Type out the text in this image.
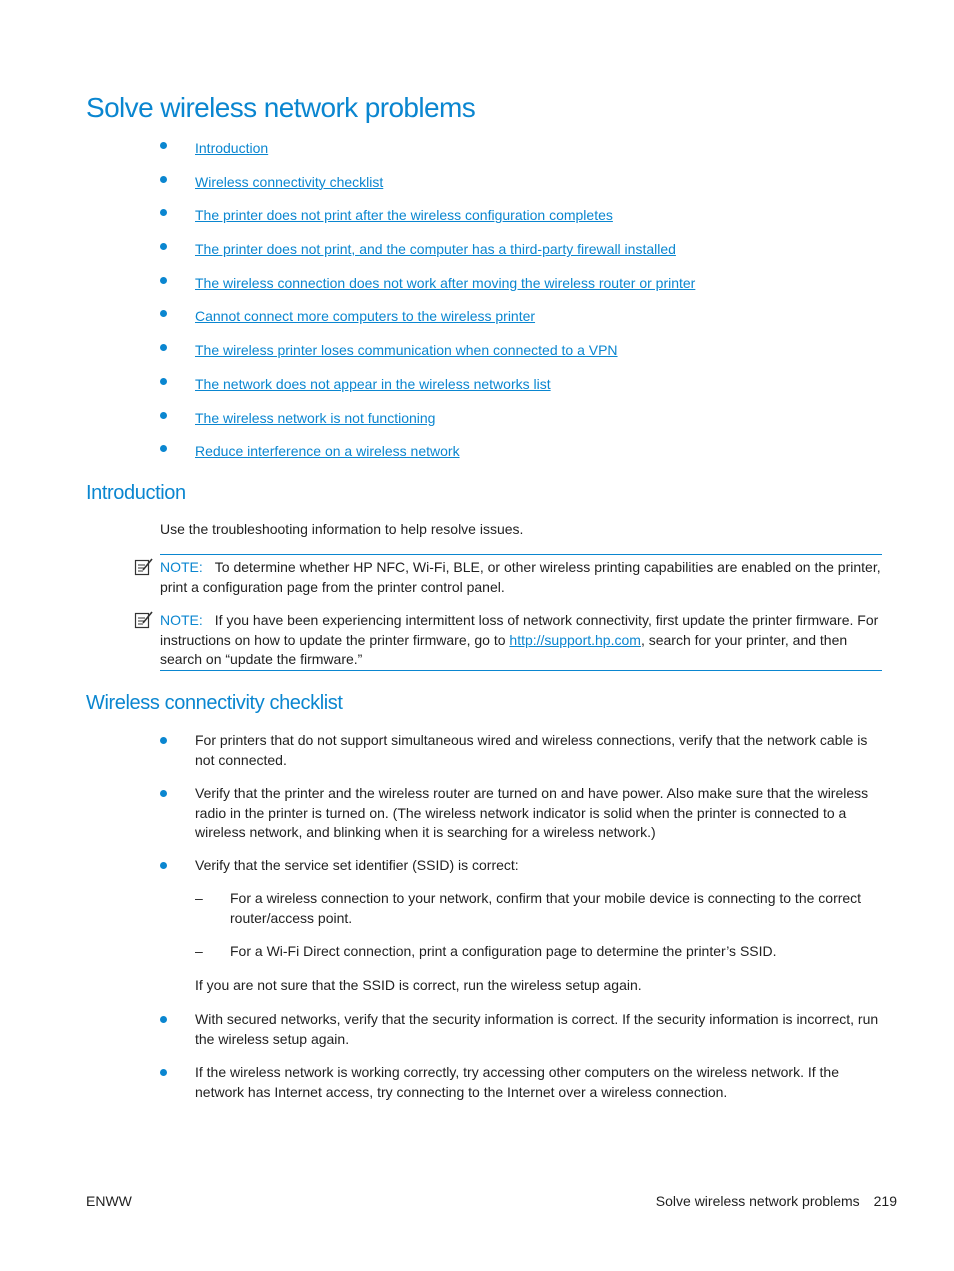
Solve wireless network problems
Introduction
Wireless connectivity checklist
The printer does not print after the wireless configuration completes
The printer does not print, and the computer has a third-party firewall installed
The wireless connection does not work after moving the wireless router or printer
Cannot connect more computers to the wireless printer
The wireless printer loses communication when connected to a VPN
The network does not appear in the wireless networks list
The wireless network is not functioning
Reduce interference on a wireless network
Introduction
Use the troubleshooting information to help resolve issues.
NOTE: To determine whether HP NFC, Wi-Fi, BLE, or other wireless printing capabilities are enabled on the printer, print a configuration page from the printer control panel.
NOTE: If you have been experiencing intermittent loss of network connectivity, first update the printer firmware. For instructions on how to update the printer firmware, go to http://support.hp.com, search for your printer, and then search on “update the firmware.”
Wireless connectivity checklist
For printers that do not support simultaneous wired and wireless connections, verify that the network cable is not connected.
Verify that the printer and the wireless router are turned on and have power. Also make sure that the wireless radio in the printer is turned on. (The wireless network indicator is solid when the printer is connected to a wireless network, and blinking when it is searching for a wireless network.)
Verify that the service set identifier (SSID) is correct:
– For a wireless connection to your network, confirm that your mobile device is connecting to the correct router/access point.
– For a Wi-Fi Direct connection, print a configuration page to determine the printer’s SSID.
If you are not sure that the SSID is correct, run the wireless setup again.
With secured networks, verify that the security information is correct. If the security information is incorrect, run the wireless setup again.
If the wireless network is working correctly, try accessing other computers on the wireless network. If the network has Internet access, try connecting to the Internet over a wireless connection.
ENWW	Solve wireless network problems 219
